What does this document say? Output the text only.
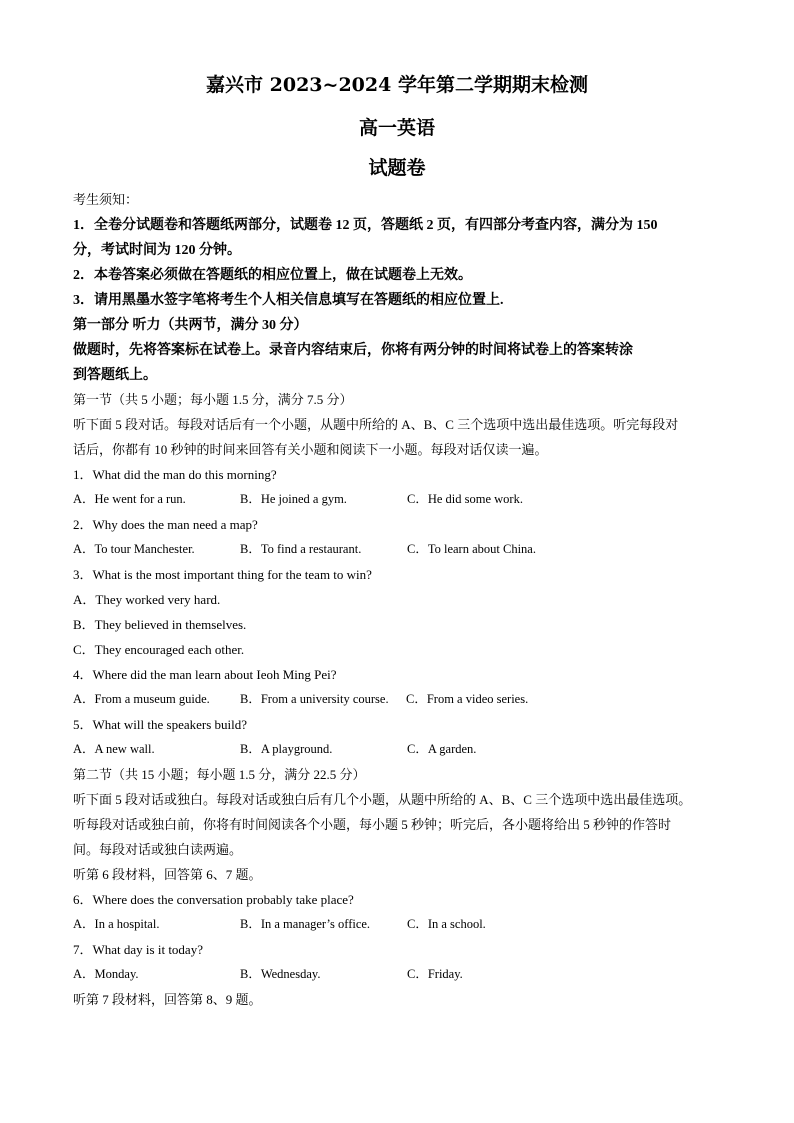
嘉兴市 2023~2024 学年第二学期期末检测
高一英语
试题卷
考生须知：
1．全卷分试题卷和答题纸两部分，试题卷 12 页，答题纸 2 页，有四部分考查内容，满分为 150
分，考试时间为 120 分钟。
2．本卷答案必须做在答题纸的相应位置上，做在试题卷上无效。
3．请用黑墨水签字笔将考生个人相关信息填写在答题纸的相应位置上.
第一部分 听力（共两节，满分 30 分）
做题时，先将答案标在试卷上。录音内容结束后，你将有两分钟的时间将试卷上的答案转涂
到答题纸上。
第一节（共 5 小题；每小题 1.5 分，满分 7.5 分）
听下面 5 段对话。每段对话后有一个小题，从题中所给的 A、B、C 三个选项中选出最佳选项。听完每段对
话后，你都有 10 秒钟的时间来回答有关小题和阅读下一小题。每段对话仅读一遍。
1．What did the man do this morning?
A．He went for a run.	B．He joined a gym.	C．He did some work.
2．Why does the man need a map?
A．To tour Manchester.	B．To find a restaurant.	C．To learn about China.
3．What is the most important thing for the team to win?
A．They worked very hard.
B．They believed in themselves.
C．They encouraged each other.
4．Where did the man learn about Ieoh Ming Pei?
A．From a museum guide. B．From a university course. C．From a video series.
5．What will the speakers build?
A．A new wall.	B．A playground.	C．A garden.
第二节（共 15 小题；每小题 1.5 分，满分 22.5 分）
听下面 5 段对话或独白。每段对话或独白后有几个小题，从题中所给的 A、B、C 三个选项中选出最佳选项。
听每段对话或独白前，你将有时间阅读各个小题，每小题 5 秒钟；听完后，各小题将给出 5 秒钟的作答时
间。每段对话或独白读两遍。
听第 6 段材料，回答第 6、7 题。
6．Where does the conversation probably take place?
A．In a hospital.	B．In a manager’s office.	C．In a school.
7．What day is it today?
A．Monday.	B．Wednesday.	C．Friday.
听第 7 段材料，回答第 8、9 题。
